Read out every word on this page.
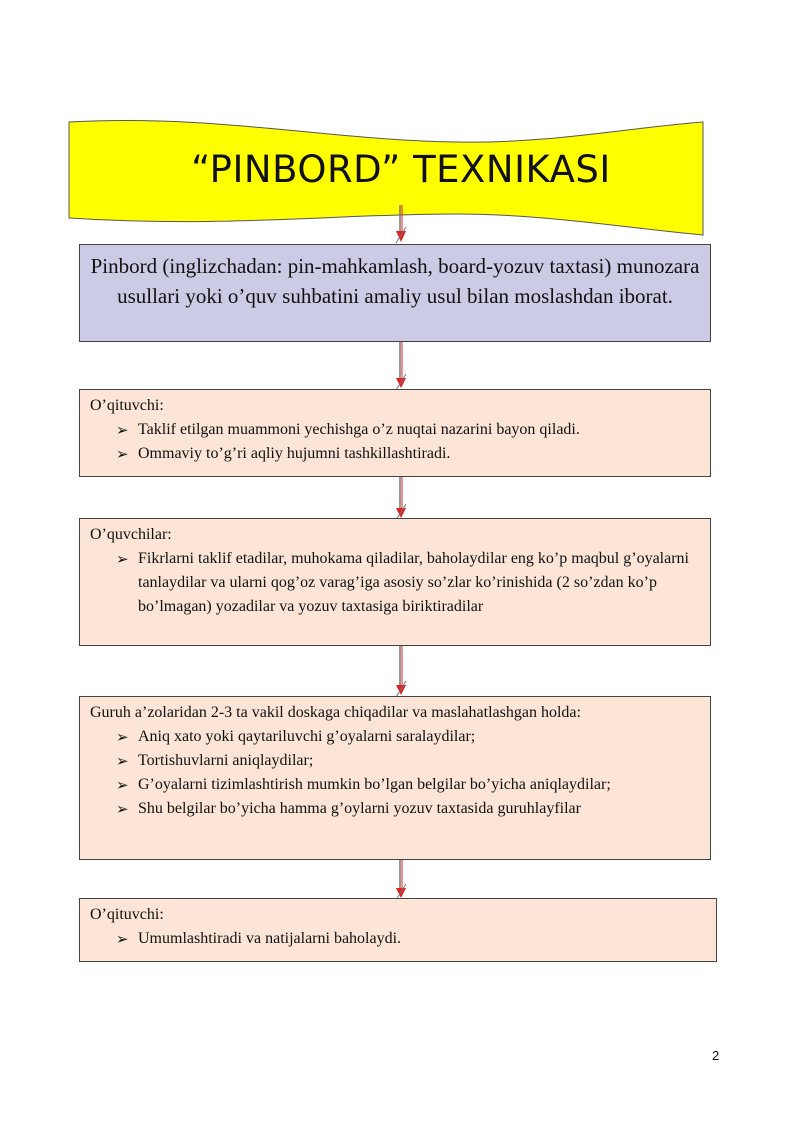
“PINBORD” TEXNIKASI
Pinbord (inglizchadan: pin-mahkamlash, board-yozuv taxtasi) munozara usullari yoki o’quv suhbatini amaliy usul bilan moslashdan iborat.
O’qituvchi:
➢ Taklif etilgan muammoni yechishga o’z nuqtai nazarini bayon qiladi.
➢ Ommaviy to’g’ri aqliy hujumni tashkillashtiradi.
O’quvchilar:
➢ Fikrlarni taklif etadilar, muhokama qiladilar, baholaydilar eng ko’p maqbul g’oyalarni tanlaydilar va ularni qog’oz varag’iga asosiy so’zlar ko’rinishida (2 so’zdan ko’p bo’lmagan) yozadilar va yozuv taxtasiga biriktiradilar
Guruh a’zolaridan 2-3 ta vakil doskaga chiqadilar va maslahatlashgan holda:
➢ Aniq xato yoki qaytariluvchi g’oyalarni saralaydilar;
➢ Tortishuvlarni aniqlaydilar;
➢ G’oyalarni tizimlashtirish mumkin bo’lgan belgilar bo’yicha aniqlaydilar;
➢ Shu belgilar bo’yicha hamma g’oylarni yozuv taxtasida guruhlayfilar
O’qituvchi:
➢ Umumlashtiradi va natijalarni baholaydi.
2
